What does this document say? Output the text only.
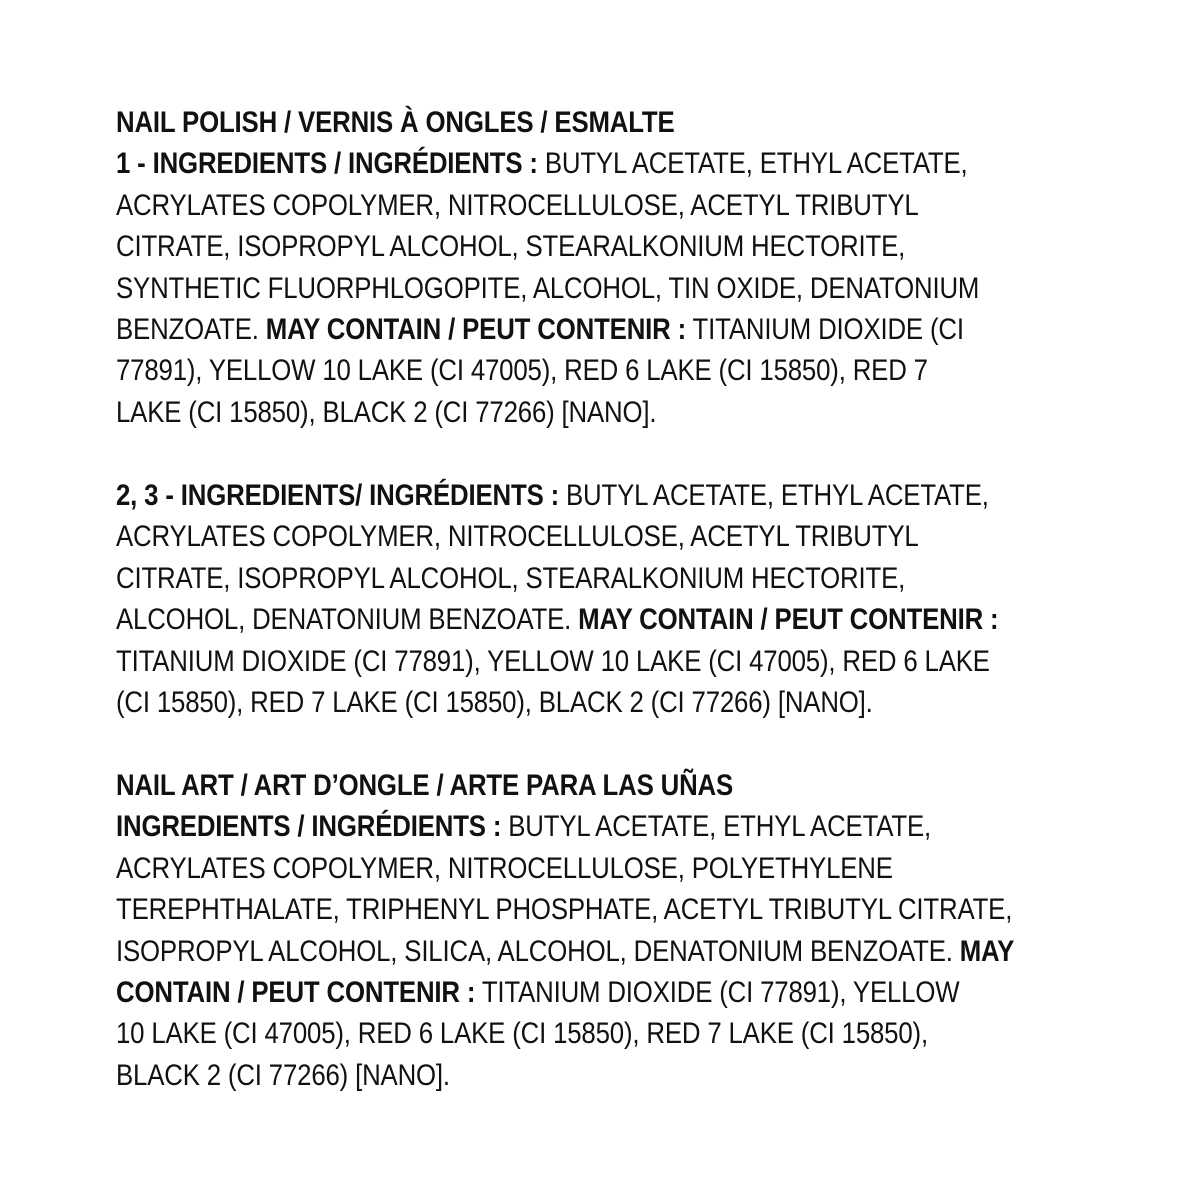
NAIL POLISH / VERNIS À ONGLES / ESMALTE
1 - INGREDIENTS / INGRÉDIENTS : BUTYL ACETATE, ETHYL ACETATE,
ACRYLATES COPOLYMER, NITROCELLULOSE, ACETYL TRIBUTYL
CITRATE, ISOPROPYL ALCOHOL, STEARALKONIUM HECTORITE,
SYNTHETIC FLUORPHLOGOPITE, ALCOHOL, TIN OXIDE, DENATONIUM
BENZOATE. MAY CONTAIN / PEUT CONTENIR : TITANIUM DIOXIDE (CI
77891), YELLOW 10 LAKE (CI 47005), RED 6 LAKE (CI 15850), RED 7
LAKE (CI 15850), BLACK 2 (CI 77266) [NANO].

2, 3 - INGREDIENTS/ INGRÉDIENTS : BUTYL ACETATE, ETHYL ACETATE,
ACRYLATES COPOLYMER, NITROCELLULOSE, ACETYL TRIBUTYL
CITRATE, ISOPROPYL ALCOHOL, STEARALKONIUM HECTORITE,
ALCOHOL, DENATONIUM BENZOATE. MAY CONTAIN / PEUT CONTENIR :
TITANIUM DIOXIDE (CI 77891), YELLOW 10 LAKE (CI 47005), RED 6 LAKE
(CI 15850), RED 7 LAKE (CI 15850), BLACK 2 (CI 77266) [NANO].

NAIL ART / ART D’ONGLE / ARTE PARA LAS UÑAS
INGREDIENTS / INGRÉDIENTS : BUTYL ACETATE, ETHYL ACETATE,
ACRYLATES COPOLYMER, NITROCELLULOSE, POLYETHYLENE
TEREPHTHALATE, TRIPHENYL PHOSPHATE, ACETYL TRIBUTYL CITRATE,
ISOPROPYL ALCOHOL, SILICA, ALCOHOL, DENATONIUM BENZOATE. MAY
CONTAIN / PEUT CONTENIR : TITANIUM DIOXIDE (CI 77891), YELLOW
10 LAKE (CI 47005), RED 6 LAKE (CI 15850), RED 7 LAKE (CI 15850),
BLACK 2 (CI 77266) [NANO].
